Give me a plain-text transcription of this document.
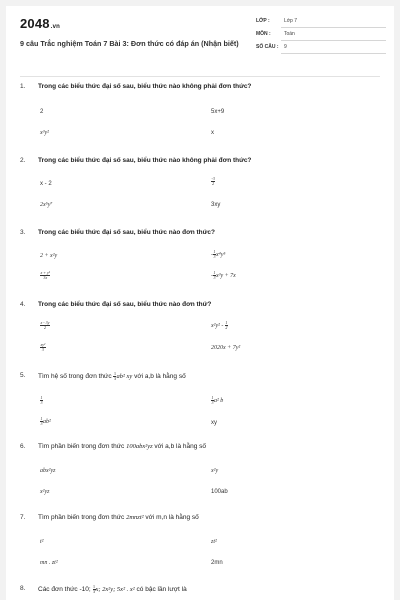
2048.vn
9 câu Trắc nghiệm Toán 7 Bài 3: Đơn thức có đáp án (Nhận biết)
LỚP :	Lớp 7
MÔN :	Toán
SỐ CÂU : 9
1. Trong các biểu thức đại số sau, biểu thức nào không phải đơn thức?
2	5x+9
x³y²	x
2. Trong các biểu thức đại số sau, biểu thức nào không phải đơn thức?
x - 2	$\frac{-3}{2}$
2x⁵y⁷	3xy
3. Trong các biểu thức đại số sau, biểu thức nào đơn thức?
2 + x²y	- $\frac{1}{3} x^4y^5$
$\frac{\text{x + y²}}{3x}$	- $\frac{1}{3} x^3y + 7x$
4. Trong các biểu thức đại số sau, biểu thức nào đơn thứ?
$\frac{x - 3y}{2}$	$x^2y^2 - \frac{1}{2}$
$\frac{\text{xy²}}{3}$	2020x + 7y²
5. Tìm hệ số trong đơn thức $\frac{1}{3} ab^2$ xy với a,b là hằng số
$\frac{1}{3}$	$\frac{1}{3} a^2$ b
$\frac{1}{3} ab^2$	xy
6. Tìm phần biến trong đơn thức 100abx²yz với a,b là hằng số
abx²yz	x²y
x²yz	100ab
7. Tìm phần biến trong đơn thức 2mnzt² với m,n là hằng số
t²	zt²
mn . zt²	2mn
8. Các đơn thức -10; $\frac{1}{3} x$; 2x²y; 5x² . x² có bậc lần lượt là
